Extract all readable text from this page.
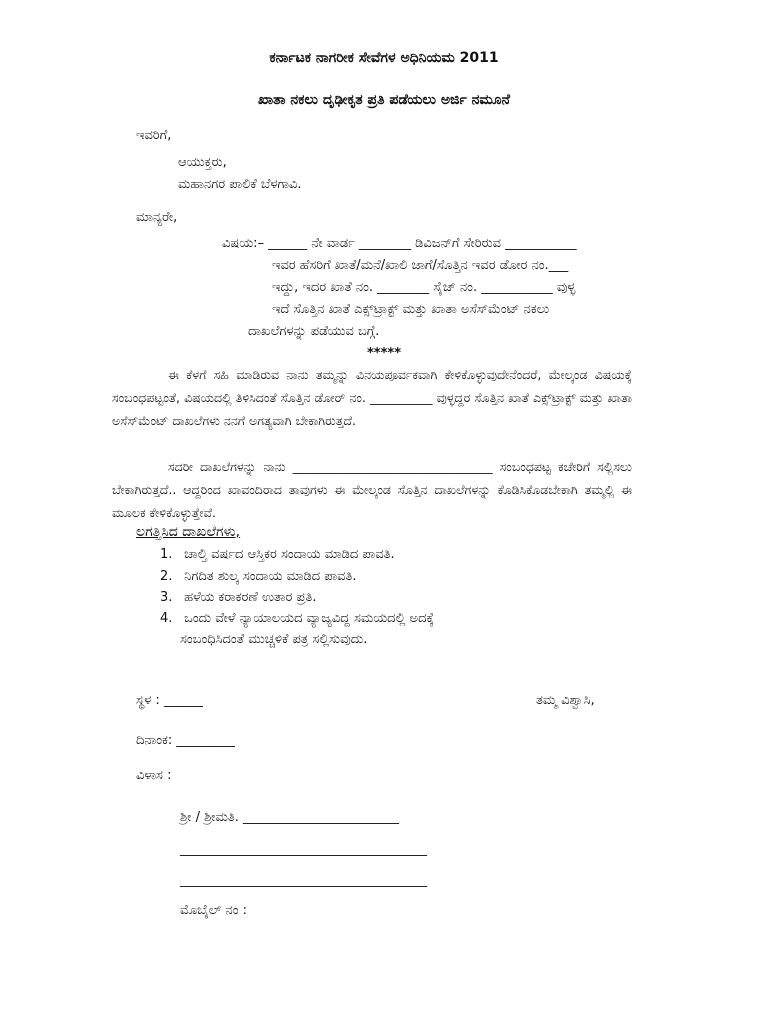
ಕರ್ನಾಟಕ ನಾಗರೀಕ ಸೇವೆಗಳ ಅಧಿನಿಯಮ 2011
ಖಾತಾ ನಕಲು ದೃಢೀಕೃತ ಪ್ರತಿ ಪಡೆಯಲು ಅರ್ಜಿ ನಮೂನೆ
ಇವರಿಗೆ,
ಆಯುಕ್ತರು,
ಮಹಾನಗರ ಪಾಲಿಕೆ ಬೆಳಗಾವಿ.
ಮಾನ್ಯರೇ,
ವಿಷಯ:– ______ ನೇ ವಾರ್ಡ ________ ಡಿವಿಜನ್‌ಗೆ ಸೇರಿರುವ ___________
ಇವರ ಹೆಸರಿಗೆ ಖಾತೆ/ಮನೆ/ಖಾಲಿ ಜಾಗೆ/ಸೊತ್ತಿನ ಇವರ ಡೋರ ನಂ.___
ಇದ್ದು, ಇದರ ಖಾತೆ ನಂ. ________ ಸೈಜ್ ನಂ. ___________ ವುಳ್ಳ
ಇದೆ ಸೊತ್ತಿನ ಖಾತೆ ಎಕ್ಸ್‌ಟ್ರಾಕ್ಟ್ ಮತ್ತು ಖಾತಾ ಅಸೆಸ್‌ಮೆಂಟ್ ನಕಲು
ದಾಖಲೆಗಳನ್ನು ಪಡೆಯುವ ಬಗ್ಗೆ.
*****
ಈ ಕೆಳಗೆ ಸಹಿ ಮಾಡಿರುವ ನಾನು ತಮ್ಮನ್ನು ವಿನಯಪೂರ್ವಕವಾಗಿ ಕೇಳಿಕೊಳ್ಳುವುದೇನೆಂದರೆ, ಮೇಲ್ಕಂಡ ವಿಷಯಕ್ಕೆ ಸಂಬಂಧಪಟ್ಟಂತೆ, ವಿಷಯದಲ್ಲಿ ತಿಳಿಸಿದಂತೆ ಸೊತ್ತಿನ ಡೋರ್ ನಂ. __________ ವುಳ್ಳದ್ದರ ಸೊತ್ತಿನ ಖಾತೆ ಎಕ್ಸ್‌ಟ್ರಾಕ್ಟ್ ಮತ್ತು ಖಾತಾ ಅಸೆಸ್‌ಮೆಂಟ್ ದಾಖಲೆಗಳು ನನಗೆ ಅಗತ್ಯವಾಗಿ ಬೇಕಾಗಿರುತ್ತದೆ.
ಸದರೀ ದಾಖಲೆಗಳನ್ನು ನಾನು ________________________________ ಸಂಬಂಧಪಟ್ಟ ಕಚೇರಿಗೆ ಸಲ್ಲಿಸಲು ಬೇಕಾಗಿರುತ್ತದೆ.. ಆದ್ದರಿಂದ ಖಾವಂದಿರಾದ ತಾವುಗಳು ಈ ಮೇಲ್ಕಂಡ ಸೊತ್ತಿನ ದಾಖಲೆಗಳನ್ನು ಕೊಡಿಸಿಕೊಡಬೇಕಾಗಿ ತಮ್ಮಲ್ಲಿ ಈ ಮೂಲಕ ಕೇಳಿಕೊಳ್ಳುತ್ತೇವೆ.
ಲಗತ್ತಿಸಿದ ದಾಖಲೆಗಳು,
1. ಚಾಲ್ತಿ ವರ್ಷದ ಆಸ್ತಿಕರ ಸಂದಾಯ ಮಾಡಿದ ಪಾವತಿ.
2. ನಿಗದಿತ ಶುಲ್ಕ ಸಂದಾಯ ಮಾಡಿದ ಪಾವತಿ.
3. ಹಳೆಯ ಕರಾಕರಣೆ ಉತಾರ ಪ್ರತಿ.
4. ಒಂದು ವೇಳೆ ನ್ಯಾಯಾಲಯದ ವ್ಯಾಜ್ಯವಿದ್ದ ಸಮಯದಲ್ಲಿ ಅದಕ್ಕೆ
ಸಂಬಂಧಿಸಿದಂತೆ ಮುಚ್ಚಳಿಕೆ ಪತ್ರ ಸಲ್ಲಿಸುವುದು.
ಸ್ಥಳ : ______	ತಮ್ಮ ವಿಶ್ವಾಸಿ,
ದಿನಾಂಕ: _________
ವಿಳಾಸ :
ಶ್ರೀ / ಶ್ರೀಮತಿ. ________________________
______________________________________
______________________________________
ಮೊಬೈಲ್ ನಂ :
